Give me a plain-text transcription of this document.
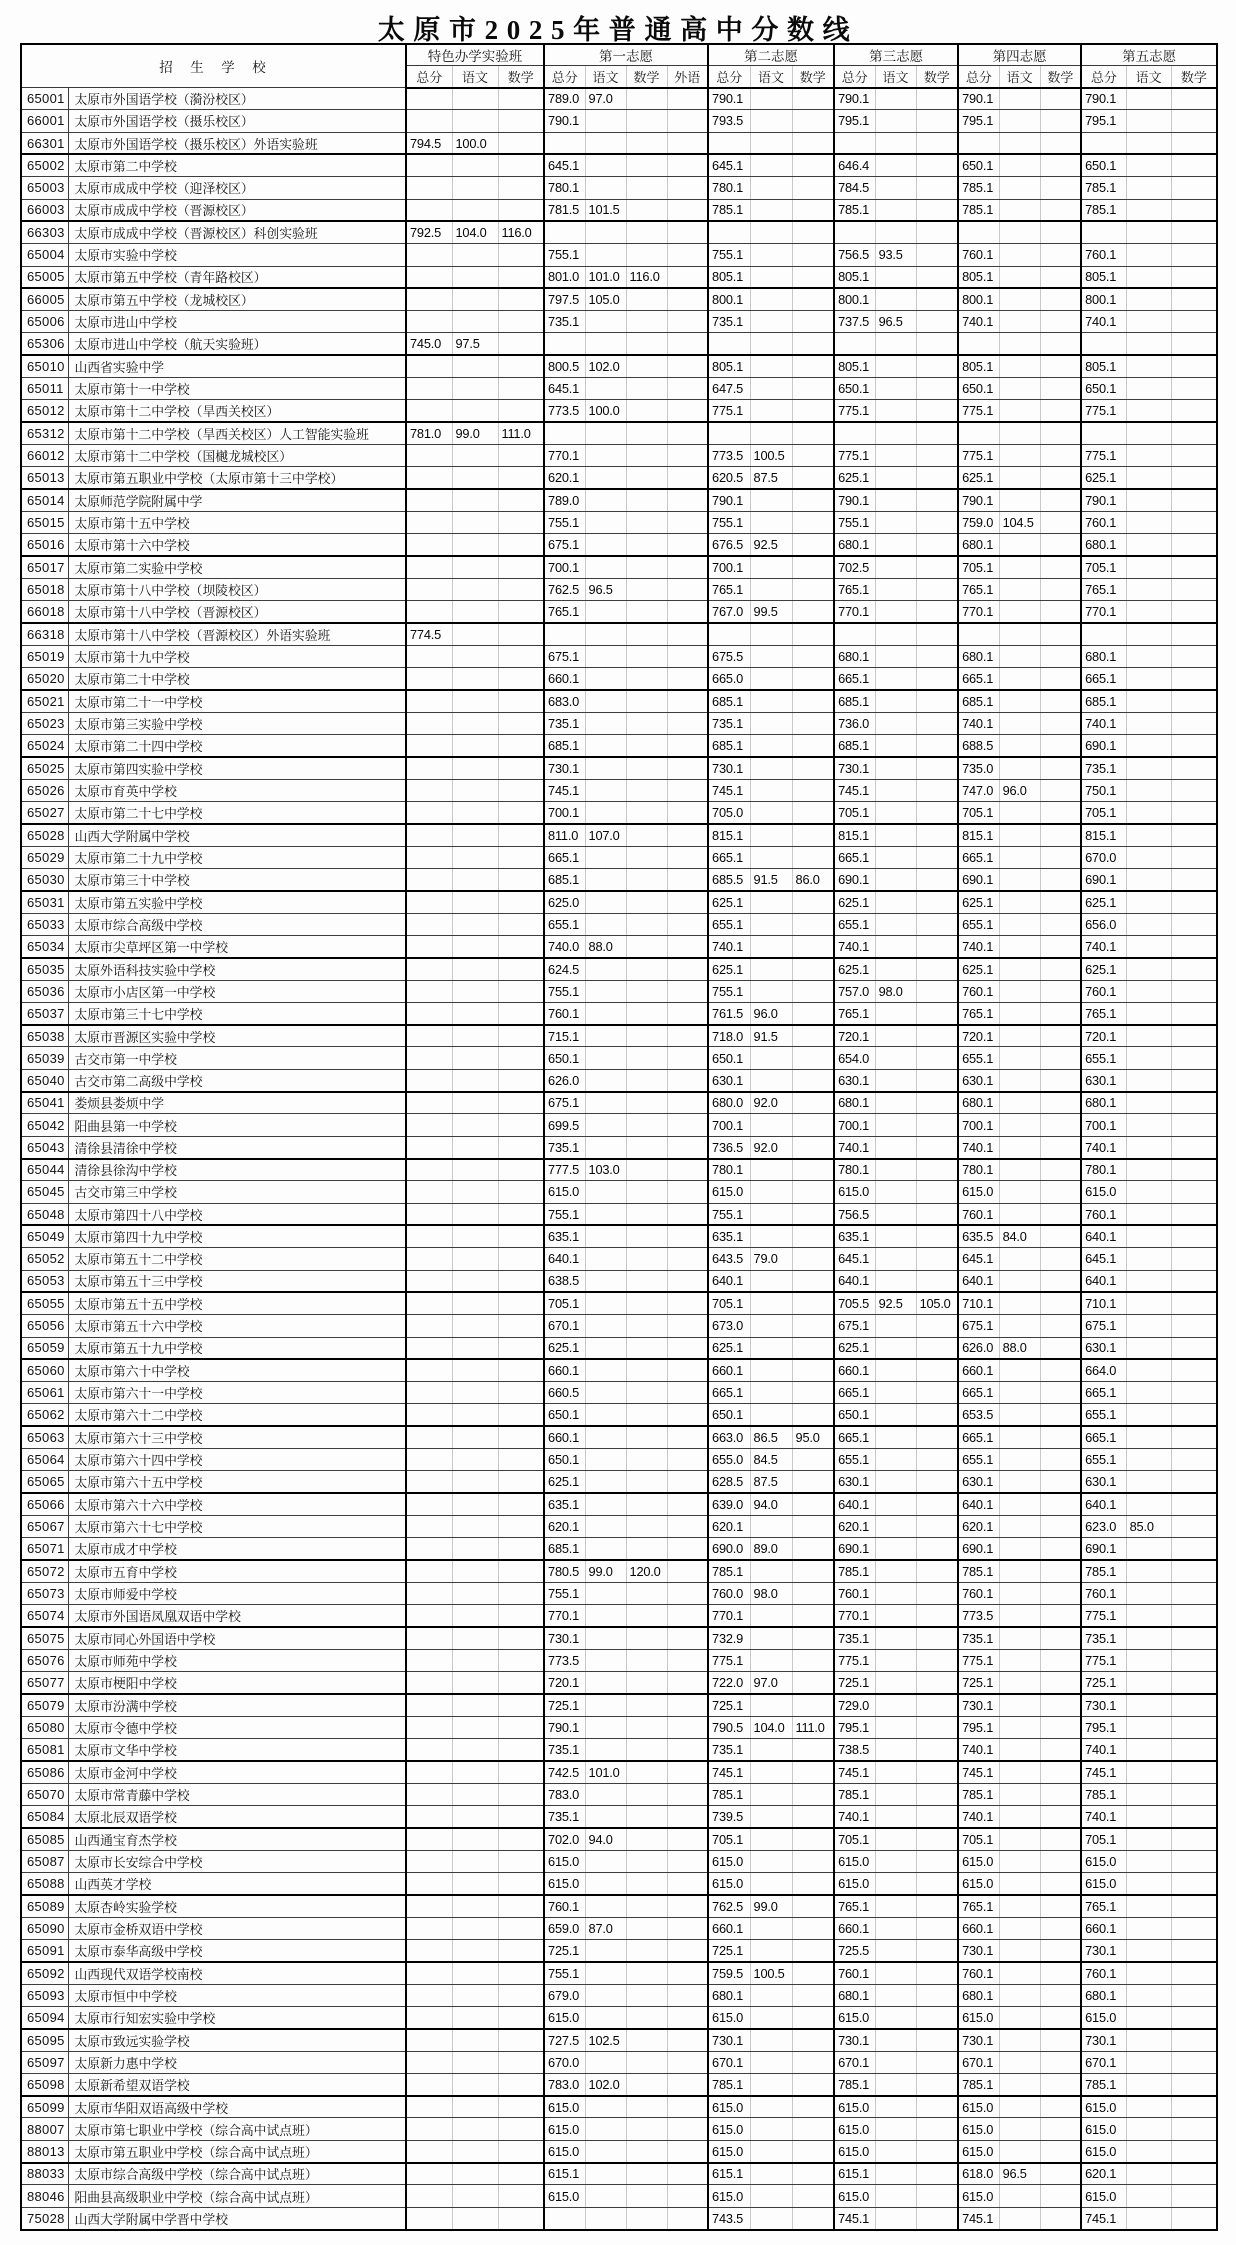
太原市2025年普通高中分数线
招　生　学　校		特色办学实验班			第一志愿				第二志愿			第三志愿			第四志愿			第五志愿		
		总分	语文	数学	总分	语文	数学	外语	总分	语文	数学	总分	语文	数学	总分	语文	数学	总分	语文	数学
65001	太原市外国语学校（漪汾校区）				789.0	97.0			790.1			790.1			790.1			790.1		
66001	太原市外国语学校（摄乐校区）				790.1				793.5			795.1			795.1			795.1		
66301	太原市外国语学校（摄乐校区）外语实验班	794.5	100.0																	
65002	太原市第二中学校				645.1				645.1			646.4			650.1			650.1		
65003	太原市成成中学校（迎泽校区）				780.1				780.1			784.5			785.1			785.1		
66003	太原市成成中学校（晋源校区）				781.5	101.5			785.1			785.1			785.1			785.1		
66303	太原市成成中学校（晋源校区）科创实验班	792.5	104.0	116.0																
65004	太原市实验中学校				755.1				755.1			756.5	93.5		760.1			760.1		
65005	太原市第五中学校（青年路校区）				801.0	101.0	116.0		805.1			805.1			805.1			805.1		
66005	太原市第五中学校（龙城校区）				797.5	105.0			800.1			800.1			800.1			800.1		
65006	太原市进山中学校				735.1				735.1			737.5	96.5		740.1			740.1		
65306	太原市进山中学校（航天实验班）	745.0	97.5																	
65010	山西省实验中学				800.5	102.0			805.1			805.1			805.1			805.1		
65011	太原市第十一中学校				645.1				647.5			650.1			650.1			650.1		
65012	太原市第十二中学校（旱西关校区）				773.5	100.0			775.1			775.1			775.1			775.1		
65312	太原市第十二中学校（旱西关校区）人工智能实验班	781.0	99.0	111.0																
66012	太原市第十二中学校（国樾龙城校区）				770.1				773.5	100.5		775.1			775.1			775.1		
65013	太原市第五职业中学校（太原市第十三中学校）				620.1				620.5	87.5		625.1			625.1			625.1		
65014	太原师范学院附属中学				789.0				790.1			790.1			790.1			790.1		
65015	太原市第十五中学校				755.1				755.1			755.1			759.0	104.5		760.1		
65016	太原市第十六中学校				675.1				676.5	92.5		680.1			680.1			680.1		
65017	太原市第二实验中学校				700.1				700.1			702.5			705.1			705.1		
65018	太原市第十八中学校（坝陵校区）				762.5	96.5			765.1			765.1			765.1			765.1		
66018	太原市第十八中学校（晋源校区）				765.1				767.0	99.5		770.1			770.1			770.1		
66318	太原市第十八中学校（晋源校区）外语实验班	774.5																		
65019	太原市第十九中学校				675.1				675.5			680.1			680.1			680.1		
65020	太原市第二十中学校				660.1				665.0			665.1			665.1			665.1		
65021	太原市第二十一中学校				683.0				685.1			685.1			685.1			685.1		
65023	太原市第三实验中学校				735.1				735.1			736.0			740.1			740.1		
65024	太原市第二十四中学校				685.1				685.1			685.1			688.5			690.1		
65025	太原市第四实验中学校				730.1				730.1			730.1			735.0			735.1		
65026	太原市育英中学校				745.1				745.1			745.1			747.0	96.0		750.1		
65027	太原市第二十七中学校				700.1				705.0			705.1			705.1			705.1		
65028	山西大学附属中学校				811.0	107.0			815.1			815.1			815.1			815.1		
65029	太原市第二十九中学校				665.1				665.1			665.1			665.1			670.0		
65030	太原市第三十中学校				685.1				685.5	91.5	86.0	690.1			690.1			690.1		
65031	太原市第五实验中学校				625.0				625.1			625.1			625.1			625.1		
65033	太原市综合高级中学校				655.1				655.1			655.1			655.1			656.0		
65034	太原市尖草坪区第一中学校				740.0	88.0			740.1			740.1			740.1			740.1		
65035	太原外语科技实验中学校				624.5				625.1			625.1			625.1			625.1		
65036	太原市小店区第一中学校				755.1				755.1			757.0	98.0		760.1			760.1		
65037	太原市第三十七中学校				760.1				761.5	96.0		765.1			765.1			765.1		
65038	太原市晋源区实验中学校				715.1				718.0	91.5		720.1			720.1			720.1		
65039	古交市第一中学校				650.1				650.1			654.0			655.1			655.1		
65040	古交市第二高级中学校				626.0				630.1			630.1			630.1			630.1		
65041	娄烦县娄烦中学				675.1				680.0	92.0		680.1			680.1			680.1		
65042	阳曲县第一中学校				699.5				700.1			700.1			700.1			700.1		
65043	清徐县清徐中学校				735.1				736.5	92.0		740.1			740.1			740.1		
65044	清徐县徐沟中学校				777.5	103.0			780.1			780.1			780.1			780.1		
65045	古交市第三中学校				615.0				615.0			615.0			615.0			615.0		
65048	太原市第四十八中学校				755.1				755.1			756.5			760.1			760.1		
65049	太原市第四十九中学校				635.1				635.1			635.1			635.5	84.0		640.1		
65052	太原市第五十二中学校				640.1				643.5	79.0		645.1			645.1			645.1		
65053	太原市第五十三中学校				638.5				640.1			640.1			640.1			640.1		
65055	太原市第五十五中学校				705.1				705.1			705.5	92.5	105.0	710.1			710.1		
65056	太原市第五十六中学校				670.1				673.0			675.1			675.1			675.1		
65059	太原市第五十九中学校				625.1				625.1			625.1			626.0	88.0		630.1		
65060	太原市第六十中学校				660.1				660.1			660.1			660.1			664.0		
65061	太原市第六十一中学校				660.5				665.1			665.1			665.1			665.1		
65062	太原市第六十二中学校				650.1				650.1			650.1			653.5			655.1		
65063	太原市第六十三中学校				660.1				663.0	86.5	95.0	665.1			665.1			665.1		
65064	太原市第六十四中学校				650.1				655.0	84.5		655.1			655.1			655.1		
65065	太原市第六十五中学校				625.1				628.5	87.5		630.1			630.1			630.1		
65066	太原市第六十六中学校				635.1				639.0	94.0		640.1			640.1			640.1		
65067	太原市第六十七中学校				620.1				620.1			620.1			620.1			623.0	85.0	
65071	太原市成才中学校				685.1				690.0	89.0		690.1			690.1			690.1		
65072	太原市五育中学校				780.5	99.0	120.0		785.1			785.1			785.1			785.1		
65073	太原市师爱中学校				755.1				760.0	98.0		760.1			760.1			760.1		
65074	太原市外国语凤凰双语中学校				770.1				770.1			770.1			773.5			775.1		
65075	太原市同心外国语中学校				730.1				732.9			735.1			735.1			735.1		
65076	太原市师苑中学校				773.5				775.1			775.1			775.1			775.1		
65077	太原市梗阳中学校				720.1				722.0	97.0		725.1			725.1			725.1		
65079	太原市汾满中学校				725.1				725.1			729.0			730.1			730.1		
65080	太原市令德中学校				790.1				790.5	104.0	111.0	795.1			795.1			795.1		
65081	太原市文华中学校				735.1				735.1			738.5			740.1			740.1		
65086	太原市金河中学校				742.5	101.0			745.1			745.1			745.1			745.1		
65070	太原市常青藤中学校				783.0				785.1			785.1			785.1			785.1		
65084	太原北辰双语学校				735.1				739.5			740.1			740.1			740.1		
65085	山西通宝育杰学校				702.0	94.0			705.1			705.1			705.1			705.1		
65087	太原市长安综合中学校				615.0				615.0			615.0			615.0			615.0		
65088	山西英才学校				615.0				615.0			615.0			615.0			615.0		
65089	太原杏岭实验学校				760.1				762.5	99.0		765.1			765.1			765.1		
65090	太原市金桥双语中学校				659.0	87.0			660.1			660.1			660.1			660.1		
65091	太原市泰华高级中学校				725.1				725.1			725.5			730.1			730.1		
65092	山西现代双语学校南校				755.1				759.5	100.5		760.1			760.1			760.1		
65093	太原市恒中中学校				679.0				680.1			680.1			680.1			680.1		
65094	太原市行知宏实验中学校				615.0				615.0			615.0			615.0			615.0		
65095	太原市致远实验学校				727.5	102.5			730.1			730.1			730.1			730.1		
65097	太原新力惠中学校				670.0				670.1			670.1			670.1			670.1		
65098	太原新希望双语学校				783.0	102.0			785.1			785.1			785.1			785.1		
65099	太原市华阳双语高级中学校				615.0				615.0			615.0			615.0			615.0		
88007	太原市第七职业中学校（综合高中试点班）				615.0				615.0			615.0			615.0			615.0		
88013	太原市第五职业中学校（综合高中试点班）				615.0				615.0			615.0			615.0			615.0		
88033	太原市综合高级中学校（综合高中试点班）				615.1				615.1			615.1			618.0	96.5		620.1		
88046	阳曲县高级职业中学校（综合高中试点班）				615.0				615.0			615.0			615.0			615.0		
75028	山西大学附属中学晋中学校								743.5			745.1			745.1			745.1		
